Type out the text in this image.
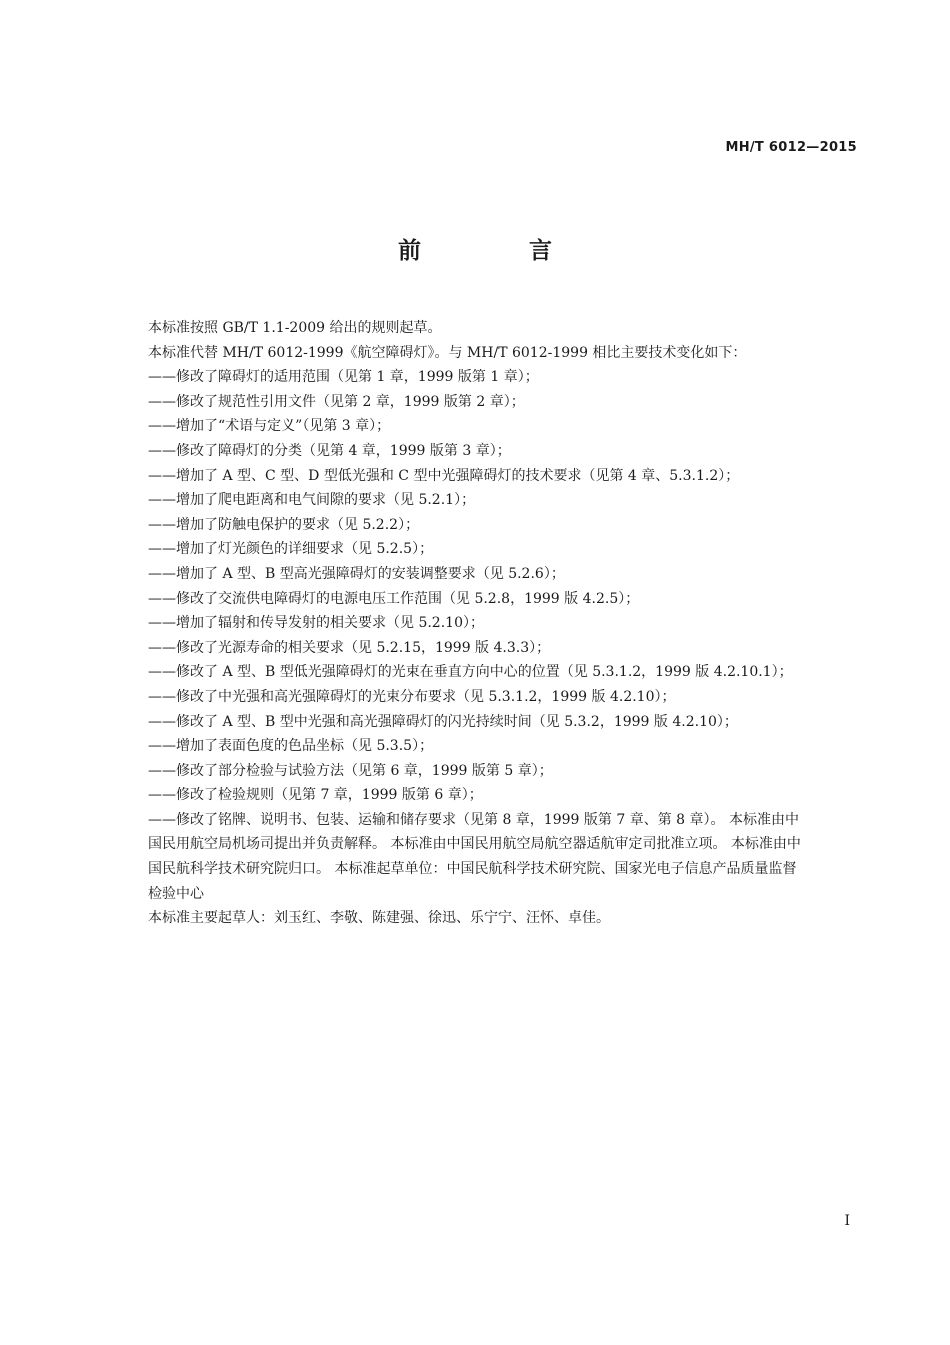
MH/T 6012—2015
前 言
本标准按照 GB/T 1.1-2009 给出的规则起草。
本标准代替 MH/T 6012-1999《航空障碍灯》。与 MH/T 6012-1999 相比主要技术变化如下：
——修改了障碍灯的适用范围（见第 1 章，1999 版第 1 章）；
——修改了规范性引用文件（见第 2 章，1999 版第 2 章）；
——增加了“术语与定义”（见第 3 章）；
——修改了障碍灯的分类（见第 4 章，1999 版第 3 章）；
——增加了 A 型、C 型、D 型低光强和 C 型中光强障碍灯的技术要求（见第 4 章、5.3.1.2）；
——增加了爬电距离和电气间隙的要求（见 5.2.1）；
——增加了防触电保护的要求（见 5.2.2）；
——增加了灯光颜色的详细要求（见 5.2.5）；
——增加了 A 型、B 型高光强障碍灯的安装调整要求（见 5.2.6）；
——修改了交流供电障碍灯的电源电压工作范围（见 5.2.8，1999 版 4.2.5）；
——增加了辐射和传导发射的相关要求（见 5.2.10）；
——修改了光源寿命的相关要求（见 5.2.15，1999 版 4.3.3）；
——修改了 A 型、B 型低光强障碍灯的光束在垂直方向中心的位置（见 5.3.1.2，1999 版 4.2.10.1）；
——修改了中光强和高光强障碍灯的光束分布要求（见 5.3.1.2，1999 版 4.2.10）；
——修改了 A 型、B 型中光强和高光强障碍灯的闪光持续时间（见 5.3.2，1999 版 4.2.10）；
——增加了表面色度的色品坐标（见 5.3.5）；
——修改了部分检验与试验方法（见第 6 章，1999 版第 5 章）；
——修改了检验规则（见第 7 章，1999 版第 6 章）；
——修改了铭牌、说明书、包装、运输和储存要求（见第 8 章，1999 版第 7 章、第 8 章）。 本标准由中国民用航空局机场司提出并负责解释。 本标准由中国民用航空局航空器适航审定司批准立项。 本标准由中国民航科学技术研究院归口。 本标准起草单位：中国民航科学技术研究院、国家光电子信息产品质量监督检验中心
本标准主要起草人：刘玉红、李敬、陈建强、徐迅、乐宁宁、汪怀、卓佳。
I
